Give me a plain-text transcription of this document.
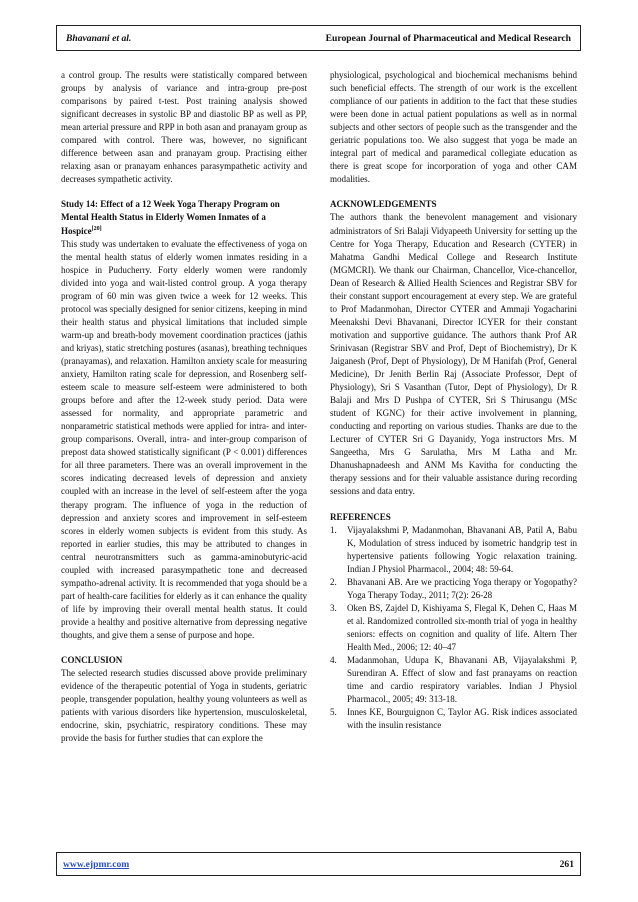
Bhavanani et al.	European Journal of Pharmaceutical and Medical Research

a control group. The results were statistically compared between groups by analysis of variance and intra-group pre-post comparisons by paired t-test. Post training analysis showed significant decreases in systolic BP and diastolic BP as well as PP, mean arterial pressure and RPP in both asan and pranayam group as compared with control. There was, however, no significant difference between asan and pranayam group. Practising either relaxing asan or pranayam enhances parasympathetic activity and decreases sympathetic activity.

Study 14: Effect of a 12 Week Yoga Therapy Program on Mental Health Status in Elderly Women Inmates of a Hospice[20]

This study was undertaken to evaluate the effectiveness of yoga on the mental health status of elderly women inmates residing in a hospice in Puducherry. Forty elderly women were randomly divided into yoga and wait-listed control group. A yoga therapy program of 60 min was given twice a week for 12 weeks. This protocol was specially designed for senior citizens, keeping in mind their health status and physical limitations that included simple warm-up and breath-body movement coordination practices (jathis and kriyas), static stretching postures (asanas), breathing techniques (pranayamas), and relaxation. Hamilton anxiety scale for measuring anxiety, Hamilton rating scale for depression, and Rosenberg self-esteem scale to measure self-esteem were administered to both groups before and after the 12-week study period. Data were assessed for normality, and appropriate parametric and nonparametric statistical methods were applied for intra- and inter-group comparisons. Overall, intra- and inter-group comparison of prepost data showed statistically significant (P < 0.001) differences for all three parameters. There was an overall improvement in the scores indicating decreased levels of depression and anxiety coupled with an increase in the level of self-esteem after the yoga therapy program. The influence of yoga in the reduction of depression and anxiety scores and improvement in self-esteem scores in elderly women subjects is evident from this study. As reported in earlier studies, this may be attributed to changes in central neurotransmitters such as gamma-aminobutyric-acid coupled with increased parasympathetic tone and decreased sympatho-adrenal activity. It is recommended that yoga should be a part of health-care facilities for elderly as it can enhance the quality of life by improving their overall mental health status. It could provide a healthy and positive alternative from depressing negative thoughts, and give them a sense of purpose and hope.

CONCLUSION

The selected research studies discussed above provide preliminary evidence of the therapeutic potential of Yoga in students, geriatric people, transgender population, healthy young volunteers as well as patients with various disorders like hypertension, musculoskeletal, endocrine, skin, psychiatric, respiratory conditions. These may provide the basis for further studies that can explore the

physiological, psychological and biochemical mechanisms behind such beneficial effects. The strength of our work is the excellent compliance of our patients in addition to the fact that these studies were been done in actual patient populations as well as in normal subjects and other sectors of people such as the transgender and the geriatric populations too. We also suggest that yoga be made an integral part of medical and paramedical collegiate education as there is great scope for incorporation of yoga and other CAM modalities.

ACKNOWLEDGEMENTS

The authors thank the benevolent management and visionary administrators of Sri Balaji Vidyapeeth University for setting up the Centre for Yoga Therapy, Education and Research (CYTER) in Mahatma Gandhi Medical College and Research Institute (MGMCRI). We thank our Chairman, Chancellor, Vice-chancellor, Dean of Research & Allied Health Sciences and Registrar SBV for their constant support encouragement at every step. We are grateful to Prof Madanmohan, Director CYTER and Ammaji Yogacharini Meenakshi Devi Bhavanani, Director ICYER for their constant motivation and supportive guidance. The authors thank Prof AR Srinivasan (Registrar SBV and Prof, Dept of Biochemistry), Dr K Jaiganesh (Prof, Dept of Physiology), Dr M Hanifah (Prof, General Medicine), Dr Jenith Berlin Raj (Associate Professor, Dept of Physiology), Sri S Vasanthan (Tutor, Dept of Physiology), Dr R Balaji and Mrs D Pushpa of CYTER, Sri S Thirusangu (MSc student of KGNC) for their active involvement in planning, conducting and reporting on various studies. Thanks are due to the Lecturer of CYTER Sri G Dayanidy, Yoga instructors Mrs. M Sangeetha, Mrs G Sarulatha, Mrs M Latha and Mr. Dhanushapnadeesh and ANM Ms Kavitha for conducting the therapy sessions and for their valuable assistance during recording sessions and data entry.

REFERENCES
1. Vijayalakshmi P, Madanmohan, Bhavanani AB, Patil A, Babu K, Modulation of stress induced by isometric handgrip test in hypertensive patients following Yogic relaxation training. Indian J Physiol Pharmacol., 2004; 48: 59-64.
2. Bhavanani AB. Are we practicing Yoga therapy or Yogopathy? Yoga Therapy Today., 2011; 7(2): 26-28
3. Oken BS, Zajdel D, Kishiyama S, Flegal K, Dehen C, Haas M et al. Randomized controlled six-month trial of yoga in healthy seniors: effects on cognition and quality of life. Altern Ther Health Med., 2006; 12: 40–47
4. Madanmohan, Udupa K, Bhavanani AB, Vijayalakshmi P, Surendiran A. Effect of slow and fast pranayams on reaction time and cardio respiratory variables. Indian J Physiol Pharmacol., 2005; 49: 313-18.
5. Innes KE, Bourguignon C, Taylor AG. Risk indices associated with the insulin resistance
www.ejpmr.com	261
